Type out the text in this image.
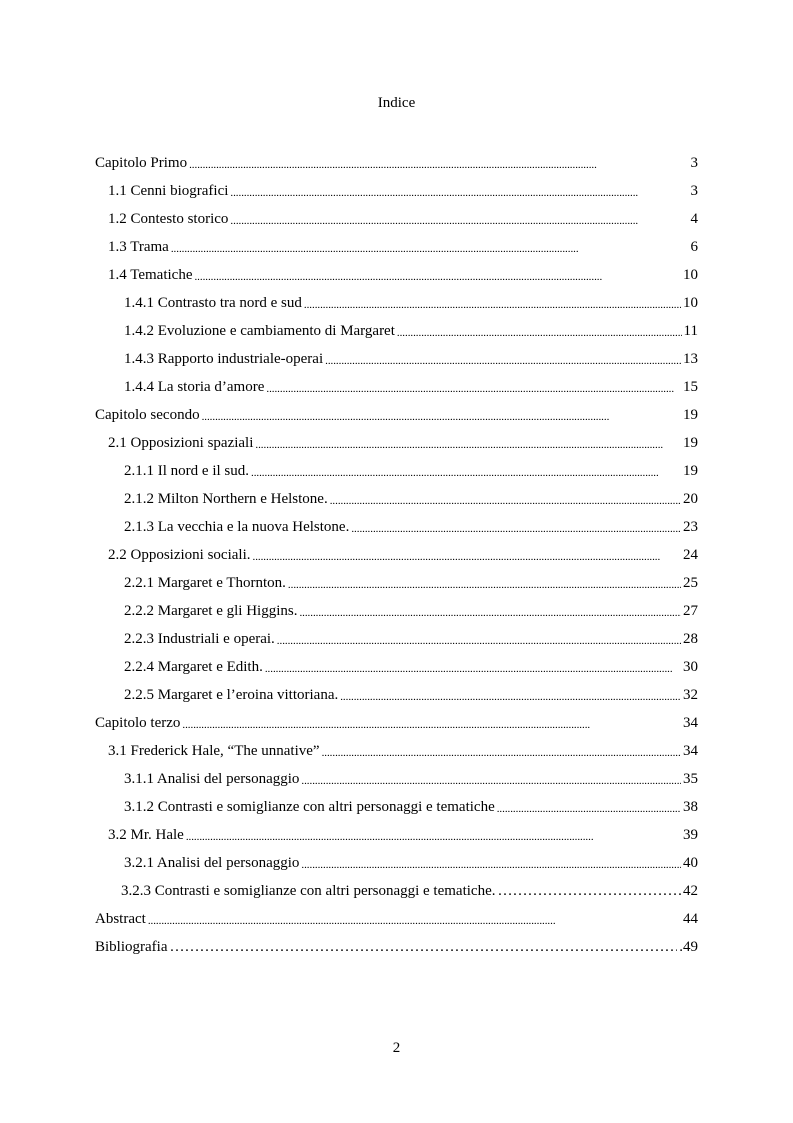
Indice
Capitolo Primo . . .	3
1.1 Cenni biografici . . .	3
1.2 Contesto storico . . .	4
1.3 Trama . . .	6
1.4 Tematiche . . .	10
1.4.1 Contrasto tra nord e sud . . .	10
1.4.2 Evoluzione e cambiamento di Margaret . . .	11
1.4.3 Rapporto industriale-operai . . .	13
1.4.4 La storia d’amore . . .	15
Capitolo secondo . . .	19
2.1 Opposizioni spaziali . . .	19
2.1.1 Il nord e il sud. . . .	19
2.1.2 Milton Northern e Helstone. . . .	20
2.1.3 La vecchia e la nuova Helstone. . . .	23
2.2 Opposizioni sociali. . . .	24
2.2.1 Margaret e Thornton. . . .	25
2.2.2 Margaret e gli Higgins. . . .	27
2.2.3 Industriali e operai. . . .	28
2.2.4 Margaret e Edith. . . .	30
2.2.5 Margaret e l’eroina vittoriana. . . .	32
Capitolo terzo . . .	34
3.1 Frederick Hale, “The unnative” . . .	34
3.1.1 Analisi del personaggio . . .	35
3.1.2 Contrasti e somiglianze con altri personaggi e tematiche . . .	38
3.2 Mr. Hale . . .	39
3.2.1 Analisi del personaggio . . .	40
3.2.3 Contrasti e somiglianze con altri personaggi e tematiche. ……………………………………………………………………………………………………………………………………………………………………………………………	42
Abstract . . .	44
Bibliografia ……………………………………………………………………………………………………………………………………………………………………………………………	.49
2
